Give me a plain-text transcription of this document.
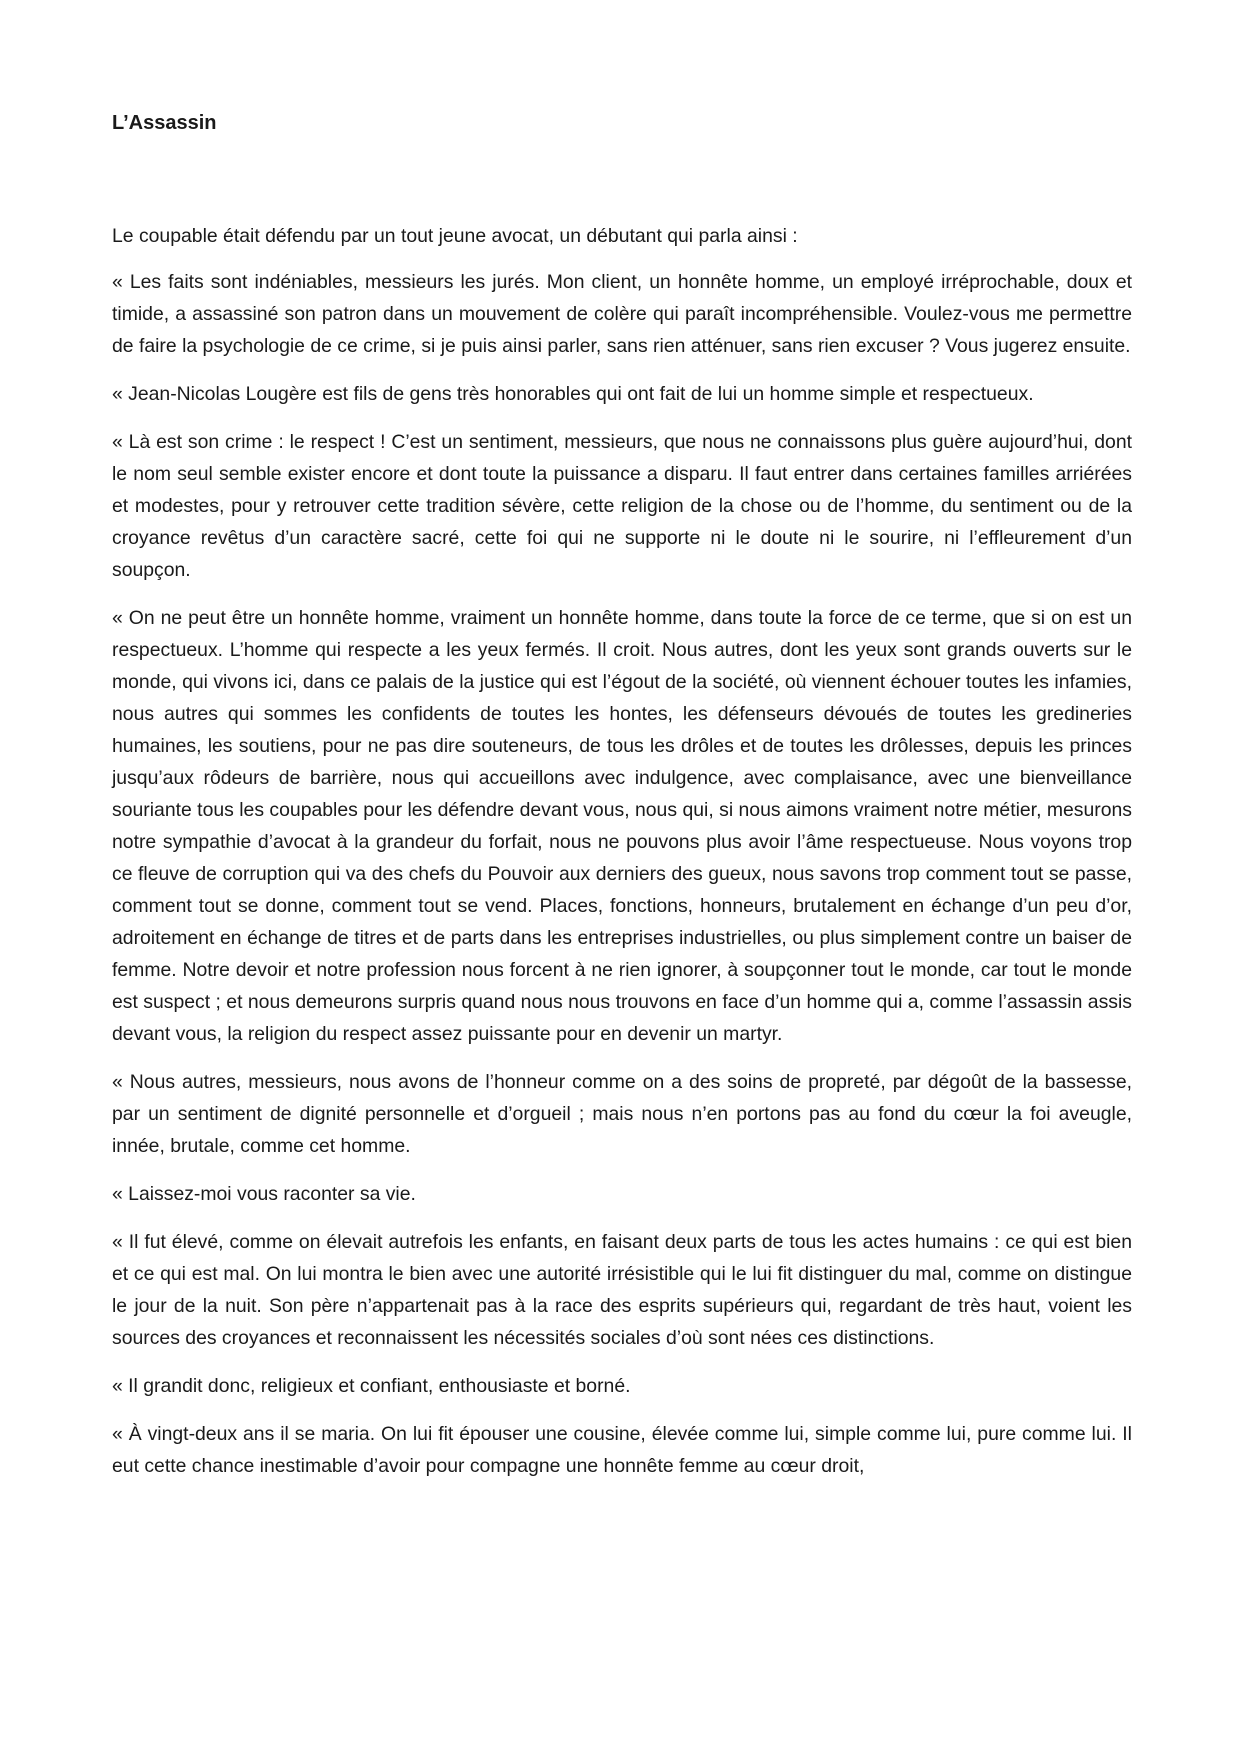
L’Assassin

Le coupable était défendu par un tout jeune avocat, un débutant qui parla ainsi :

« Les faits sont indéniables, messieurs les jurés. Mon client, un honnête homme, un employé irréprochable, doux et timide, a assassiné son patron dans un mouvement de colère qui paraît incompréhensible. Voulez-vous me permettre de faire la psychologie de ce crime, si je puis ainsi parler, sans rien atténuer, sans rien excuser ? Vous jugerez ensuite.

« Jean-Nicolas Lougère est fils de gens très honorables qui ont fait de lui un homme simple et respectueux.

« Là est son crime : le respect ! C’est un sentiment, messieurs, que nous ne connaissons plus guère aujourd’hui, dont le nom seul semble exister encore et dont toute la puissance a disparu. Il faut entrer dans certaines familles arriérées et modestes, pour y retrouver cette tradition sévère, cette religion de la chose ou de l’homme, du sentiment ou de la croyance revêtus d’un caractère sacré, cette foi qui ne supporte ni le doute ni le sourire, ni l’effleurement d’un soupçon.

« On ne peut être un honnête homme, vraiment un honnête homme, dans toute la force de ce terme, que si on est un respectueux. L’homme qui respecte a les yeux fermés. Il croit. Nous autres, dont les yeux sont grands ouverts sur le monde, qui vivons ici, dans ce palais de la justice qui est l’égout de la société, où viennent échouer toutes les infamies, nous autres qui sommes les confidents de toutes les hontes, les défenseurs dévoués de toutes les gredineries humaines, les soutiens, pour ne pas dire souteneurs, de tous les drôles et de toutes les drôlesses, depuis les princes jusqu’aux rôdeurs de barrière, nous qui accueillons avec indulgence, avec complaisance, avec une bienveillance souriante tous les coupables pour les défendre devant vous, nous qui, si nous aimons vraiment notre métier, mesurons notre sympathie d’avocat à la grandeur du forfait, nous ne pouvons plus avoir l’âme respectueuse. Nous voyons trop ce fleuve de corruption qui va des chefs du Pouvoir aux derniers des gueux, nous savons trop comment tout se passe, comment tout se donne, comment tout se vend. Places, fonctions, honneurs, brutalement en échange d’un peu d’or, adroitement en échange de titres et de parts dans les entreprises industrielles, ou plus simplement contre un baiser de femme. Notre devoir et notre profession nous forcent à ne rien ignorer, à soupçonner tout le monde, car tout le monde est suspect ; et nous demeurons surpris quand nous nous trouvons en face d’un homme qui a, comme l’assassin assis devant vous, la religion du respect assez puissante pour en devenir un martyr.

« Nous autres, messieurs, nous avons de l’honneur comme on a des soins de propreté, par dégoût de la bassesse, par un sentiment de dignité personnelle et d’orgueil ; mais nous n’en portons pas au fond du cœur la foi aveugle, innée, brutale, comme cet homme.

« Laissez-moi vous raconter sa vie.

« Il fut élevé, comme on élevait autrefois les enfants, en faisant deux parts de tous les actes humains : ce qui est bien et ce qui est mal. On lui montra le bien avec une autorité irrésistible qui le lui fit distinguer du mal, comme on distingue le jour de la nuit. Son père n’appartenait pas à la race des esprits supérieurs qui, regardant de très haut, voient les sources des croyances et reconnaissent les nécessités sociales d’où sont nées ces distinctions.

« Il grandit donc, religieux et confiant, enthousiaste et borné.

« À vingt-deux ans il se maria. On lui fit épouser une cousine, élevée comme lui, simple comme lui, pure comme lui. Il eut cette chance inestimable d’avoir pour compagne une honnête femme au cœur droit,
